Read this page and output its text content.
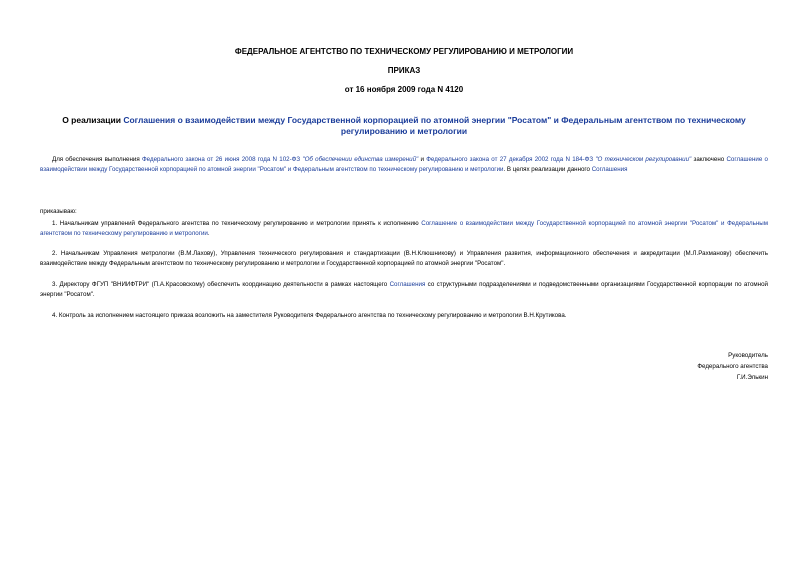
ФЕДЕРАЛЬНОЕ АГЕНТСТВО ПО ТЕХНИЧЕСКОМУ РЕГУЛИРОВАНИЮ И МЕТРОЛОГИИ
ПРИКАЗ
от 16 ноября 2009 года N 4120
О реализации Соглашения о взаимодействии между Государственной корпорацией по атомной энергии "Росатом" и Федеральным агентством по техническому регулированию и метрологии
Для обеспечения выполнения Федерального закона от 26 июня 2008 года N 102-ФЗ "Об обеспечении единства измерений" и Федерального закона от 27 декабря 2002 года N 184-ФЗ "О техническом регулировании" заключено Соглашение о взаимодействии между Государственной корпорацией по атомной энергии "Росатом" и Федеральным агентством по техническому регулированию и метрологии. В целях реализации данного Соглашения
приказываю:
1. Начальникам управлений Федерального агентства по техническому регулированию и метрологии принять к исполнению Соглашение о взаимодействии между Государственной корпорацией по атомной энергии "Росатом" и Федеральным агентством по техническому регулированию и метрологии.
2. Начальникам Управления метрологии (В.М.Лахову), Управления технического регулирования и стандартизации (В.Н.Клюшникову) и Управления развития, информационного обеспечения и аккредитации (М.Л.Рахманову) обеспечить взаимодействие между Федеральным агентством по техническому регулированию и метрологии и Государственной корпорацией по атомной энергии "Росатом".
3. Директору ФГУП "ВНИИФТРИ" (П.А.Красовскому) обеспечить координацию деятельности в рамках настоящего Соглашения со структурными подразделениями и подведомственными организациями Государственной корпорации по атомной энергии "Росатом".
4. Контроль за исполнением настоящего приказа возложить на заместителя Руководителя Федерального агентства по техническому регулированию и метрологии В.Н.Крутикова.
Руководитель
Федерального агентства
Г.И.Элькин
